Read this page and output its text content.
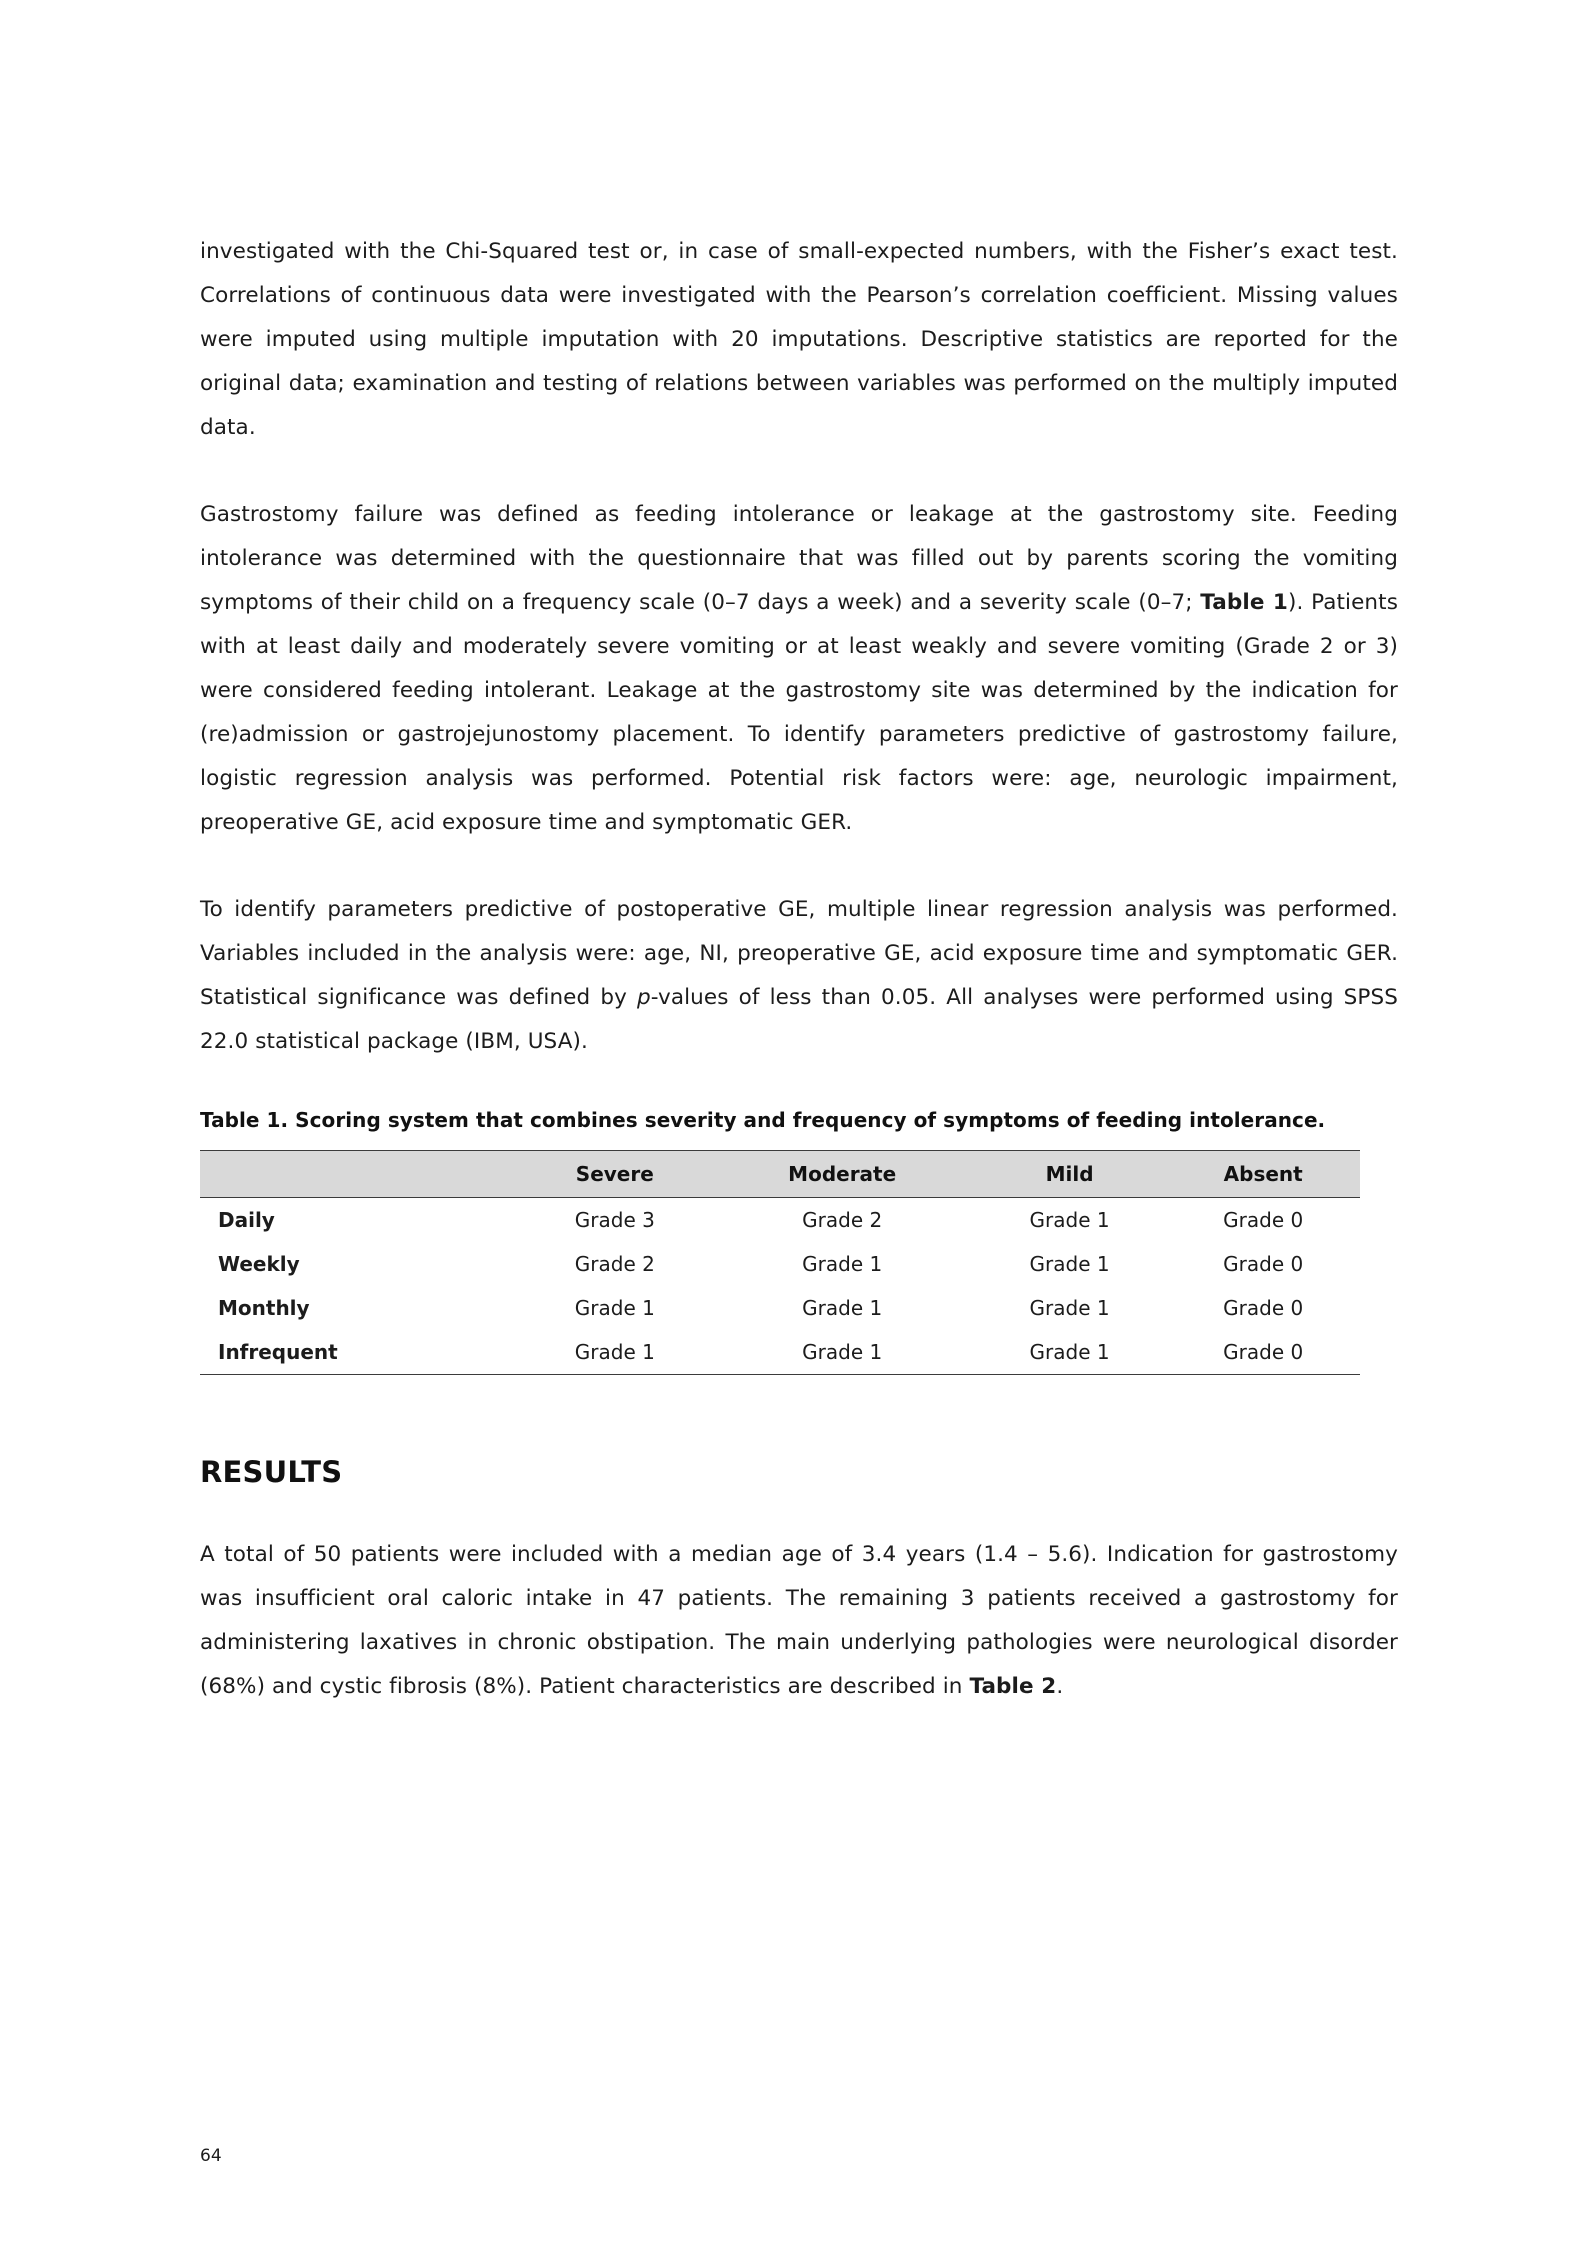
investigated with the Chi-Squared test or, in case of small-expected numbers, with the Fisher’s exact test. Correlations of continuous data were investigated with the Pearson’s correlation coefficient. Missing values were imputed using multiple imputation with 20 imputations. Descriptive statistics are reported for the original data; examination and testing of relations between variables was performed on the multiply imputed data.

Gastrostomy failure was defined as feeding intolerance or leakage at the gastrostomy site. Feeding intolerance was determined with the questionnaire that was filled out by parents scoring the vomiting symptoms of their child on a frequency scale (0–7 days a week) and a severity scale (0–7; Table 1). Patients with at least daily and moderately severe vomiting or at least weakly and severe vomiting (Grade 2 or 3) were considered feeding intolerant. Leakage at the gastrostomy site was determined by the indication for (re)admission or gastrojejunostomy placement. To identify parameters predictive of gastrostomy failure, logistic regression analysis was performed. Potential risk factors were: age, neurologic impairment, preoperative GE, acid exposure time and symptomatic GER.

To identify parameters predictive of postoperative GE, multiple linear regression analysis was performed. Variables included in the analysis were: age, NI, preoperative GE, acid exposure time and symptomatic GER. Statistical significance was defined by p-values of less than 0.05. All analyses were performed using SPSS 22.0 statistical package (IBM, USA).

Table 1. Scoring system that combines severity and frequency of symptoms of feeding intolerance.
	Severe	Moderate	Mild	Absent
Daily	Grade 3	Grade 2	Grade 1	Grade 0
Weekly	Grade 2	Grade 1	Grade 1	Grade 0
Monthly	Grade 1	Grade 1	Grade 1	Grade 0
Infrequent	Grade 1	Grade 1	Grade 1	Grade 0
RESULTS

A total of 50 patients were included with a median age of 3.4 years (1.4 – 5.6). Indication for gastrostomy was insufficient oral caloric intake in 47 patients. The remaining 3 patients received a gastrostomy for administering laxatives in chronic obstipation. The main underlying pathologies were neurological disorder (68%) and cystic fibrosis (8%). Patient characteristics are described in Table 2.

64
